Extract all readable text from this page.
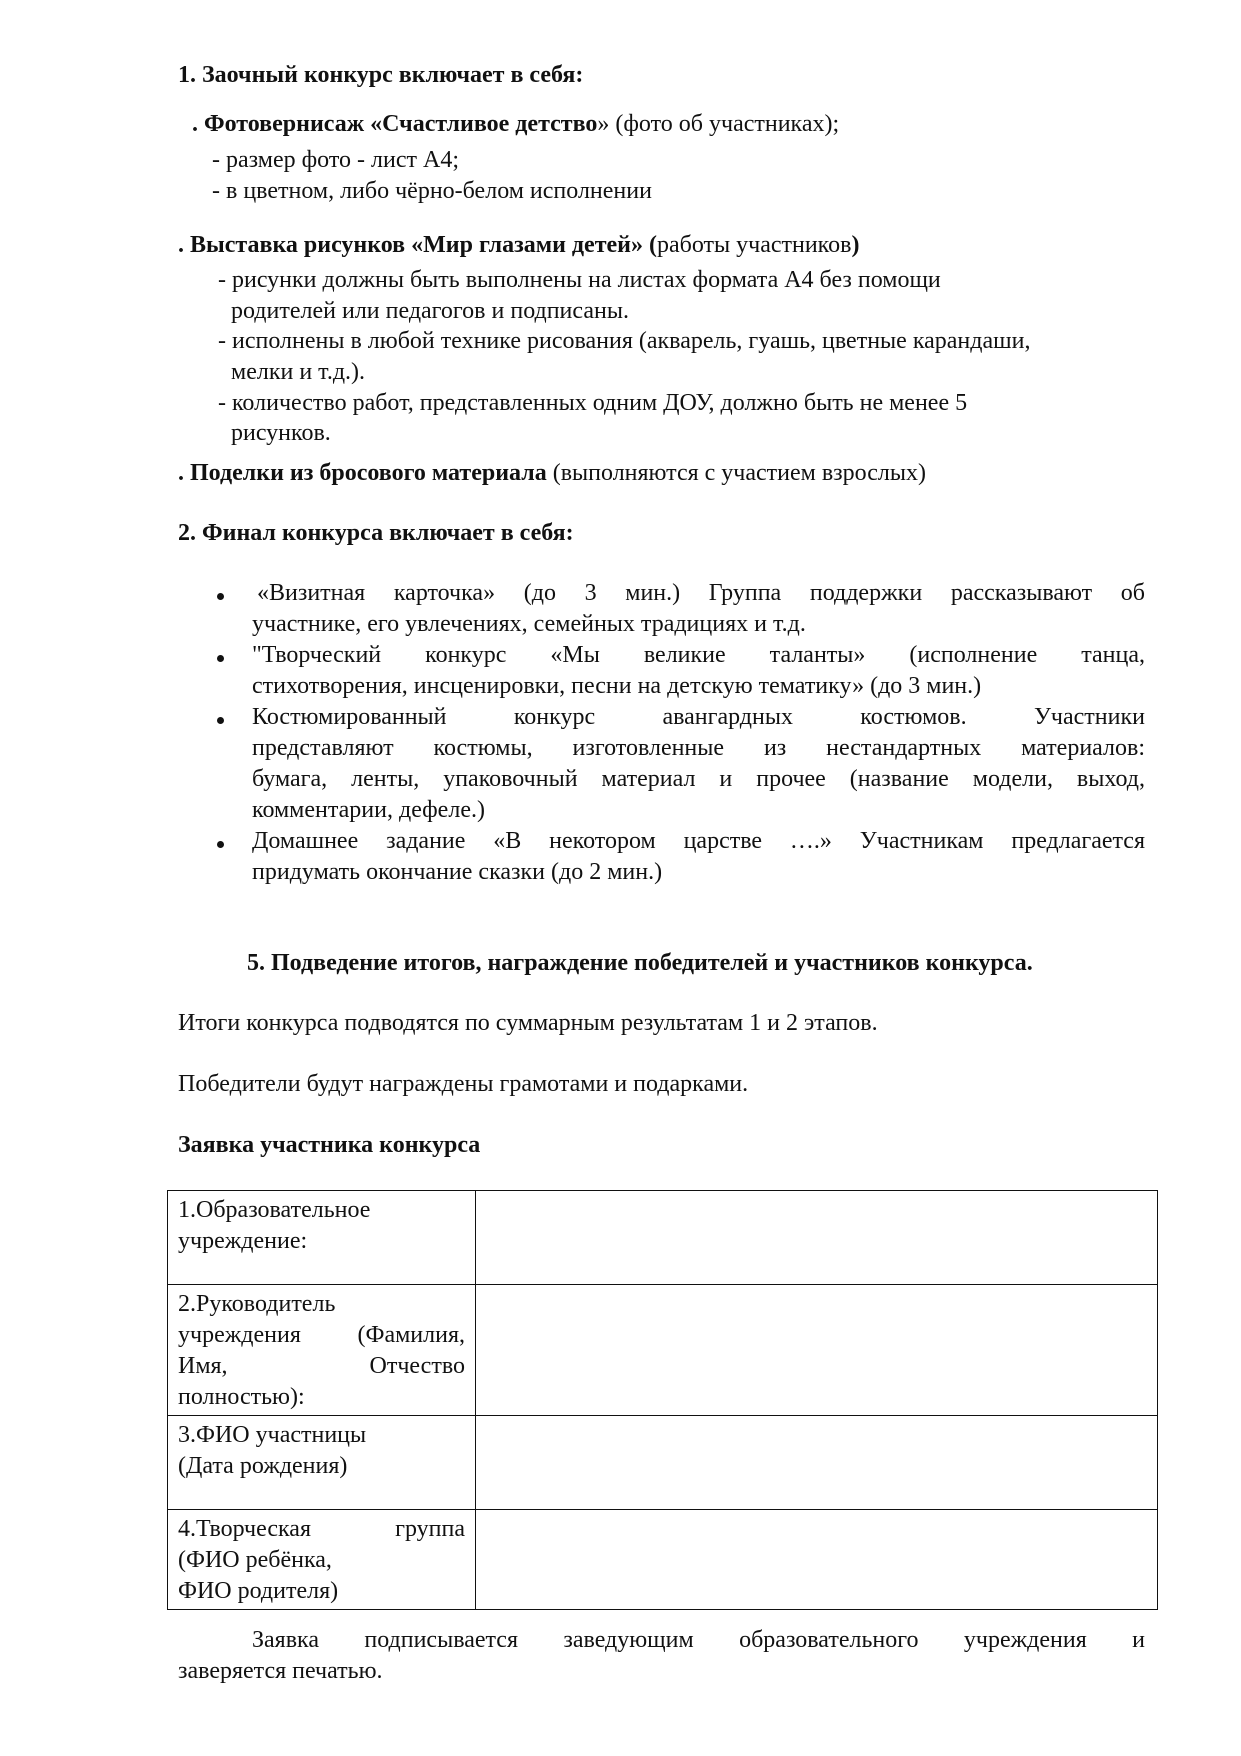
1. Заочный конкурс включает в себя:
. Фотовернисаж «Счастливое детство» (фото об участниках);
- размер фото - лист А4;
- в цветном, либо чёрно-белом исполнении
. Выставка рисунков «Мир глазами детей» (работы участников)
- рисунки должны быть выполнены на листах формата А4 без помощи
родителей или педагогов и подписаны.
- исполнены в любой технике рисования (акварель, гуашь, цветные карандаши,
мелки и т.д.).
- количество работ, представленных одним ДОУ, должно быть не менее 5
рисунков.
. Поделки из бросового материала (выполняются с участием взрослых)
2. Финал конкурса включает в себя:
«Визитная карточка» (до 3 мин.) Группа поддержки рассказывают об
участнике, его увлечениях, семейных традициях и т.д.
"Творческий конкурс «Мы великие таланты» (исполнение танца,
стихотворения, инсценировки, песни на детскую тематику» (до 3 мин.)
Костюмированный конкурс авангардных костюмов. Участники
представляют костюмы, изготовленные из нестандартных материалов:
бумага, ленты, упаковочный материал и прочее (название модели, выход,
комментарии, дефеле.)
Домашнее задание «В некотором царстве ….» Участникам предлагается
придумать окончание сказки (до 2 мин.)
5. Подведение итогов, награждение победителей и участников конкурса.
Итоги конкурса подводятся по суммарным результатам 1 и 2 этапов.
Победители будут награждены грамотами и подарками.
Заявка участника конкурса
1.Образовательное
учреждение:	

2.Руководитель
учреждения (Фамилия,
Имя, Отчество
полностью):	

3.ФИО участницы
(Дата рождения)	

4.Творческая группа
(ФИО ребёнка,
ФИО родителя)	

Заявка подписывается заведующим образовательного учреждения и
заверяется печатью.
